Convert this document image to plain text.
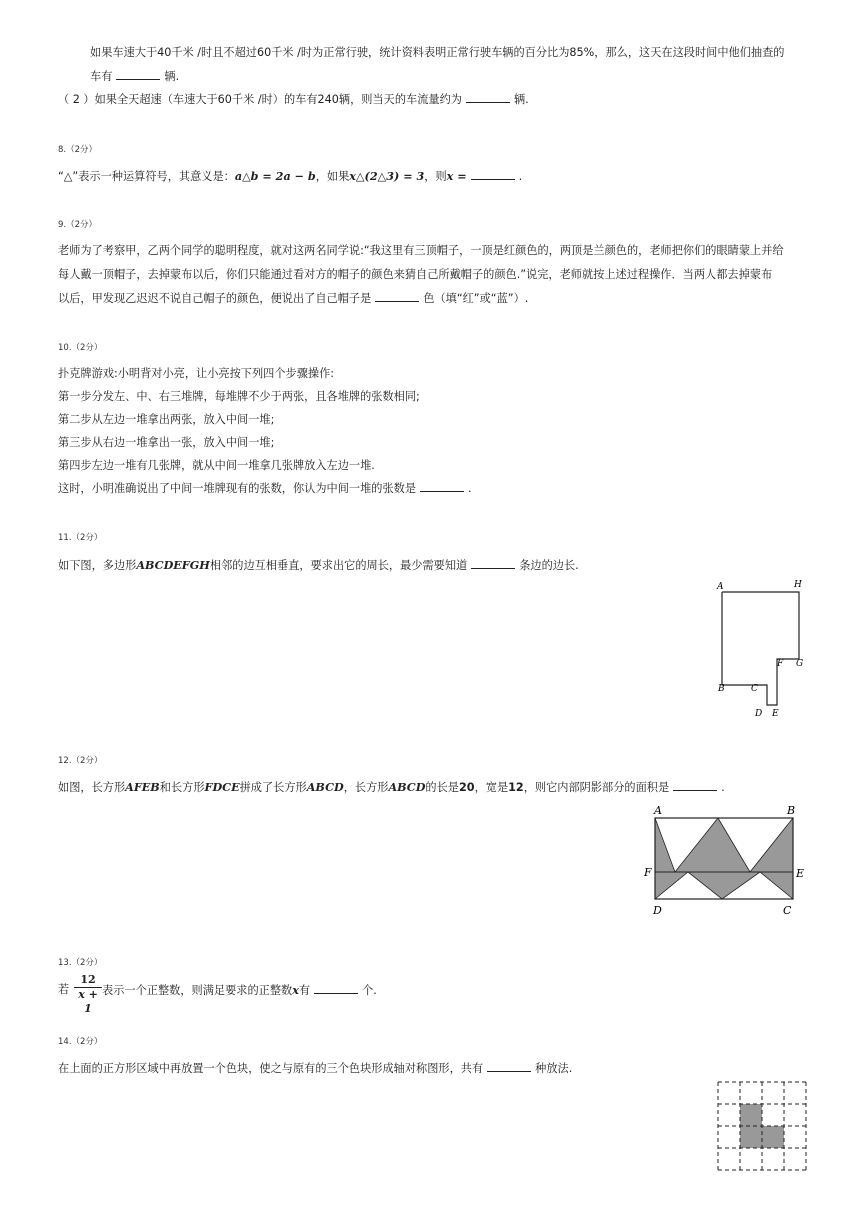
如果车速大于40千米 /时且不超过60千米 /时为正常行驶，统计资料表明正常行驶车辆的百分比为85%，那么，这天在这段时间中他们抽查的
车有	辆.
（ 2 ）如果全天超速（车速大于60千米 /时）的车有240辆，则当天的车流量约为	辆.
8.（2分）
“△”表示一种运算符号，其意义是：a△b = 2a − b，如果x△(2△3) = 3，则x =	.
9.（2分）
老师为了考察甲，乙两个同学的聪明程度，就对这两名同学说:“我这里有三顶帽子，一顶是红颜色的，两顶是兰颜色的，老师把你们的眼睛蒙上并给
每人戴一顶帽子，去掉蒙布以后，你们只能通过看对方的帽子的颜色来猜自己所戴帽子的颜色.”说完，老师就按上述过程操作．当两人都去掉蒙布
以后，甲发现乙迟迟不说自己帽子的颜色，便说出了自己帽子是	色（填“红”或“蓝”）.
10.（2分）
扑克牌游戏:小明背对小亮，让小亮按下列四个步骤操作:
第一步分发左、中、右三堆牌，每堆牌不少于两张，且各堆牌的张数相同;
第二步从左边一堆拿出两张，放入中间一堆;
第三步从右边一堆拿出一张，放入中间一堆;
第四步左边一堆有几张牌，就从中间一堆拿几张牌放入左边一堆.
这时，小明准确说出了中间一堆牌现有的张数，你认为中间一堆的张数是	.
11.（2分）
如下图，多边形ABCDEFGH相邻的边互相垂直，要求出它的周长，最少需要知道	条边的边长.
A	H
F G
B	C
D E
12.（2分）
如图，长方形AFEB和长方形FDCE拼成了长方形ABCD，长方形ABCD的长是20，宽是12，则它内部阴影部分的面积是	.
A	B
F	E
D	C
13.（2分）
若
12
x + 1
表示一个正整数，则满足要求的正整数x有	个.
14.（2分）
在上面的正方形区域中再放置一个色块，使之与原有的三个色块形成轴对称图形，共有	种放法.
